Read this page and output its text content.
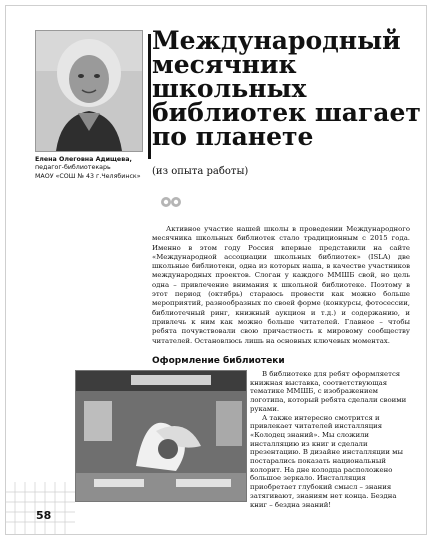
Елена Олеговна Адищева,
педагог-библиотекарь
МАОУ «СОШ № 43 г.Челябинск»
Международный
месячник
школьных
библиотек шагает
по планете
(из опыта работы)

Активное участие нашей школы в проведении Международного месячника школьных библиотек стало традиционным с 2015 года. Именно в этом году Россия впервые представили на сайте «Международной ассоциации школьных библиотек» (ISLA) две школьные библиотеки, одна из которых наша, в качестве участников международных проектов. Слоган у каждого ММШБ свой, но цель одна – привлечение внимания к школьной библиотеке. Поэтому в этот период (октябрь) стараюсь провести как можно больше мероприятий, разнообразных по своей форме (конкурсы, фотосессии, библиотечный ринг, книжный аукцион и т.д.) и содержанию, и привлечь к ним как можно больше читателей. Главное – чтобы ребята почувствовали свою причастность к мировому сообществу читателей. Остановлюсь лишь на основных ключевых моментах.

Оформление библиотеки

В библиотеке для ребят оформляется книжная выставка, соответствующая тематике ММШБ, с изображением логотипа, который ребята сделали своими руками.

А также интересно смотрится и привлекает читателей инсталляция «Колодец знаний». Мы сложили инсталляцию из книг и сделали презентацию. В дизайне инсталляции мы постарались показать национальный колорит. На дне колодца расположено большое зеркало. Инсталляция приобретает глубокий смысл – знания затягивают, знаниям нет конца. Бездна книг – бездна знаний!

58
